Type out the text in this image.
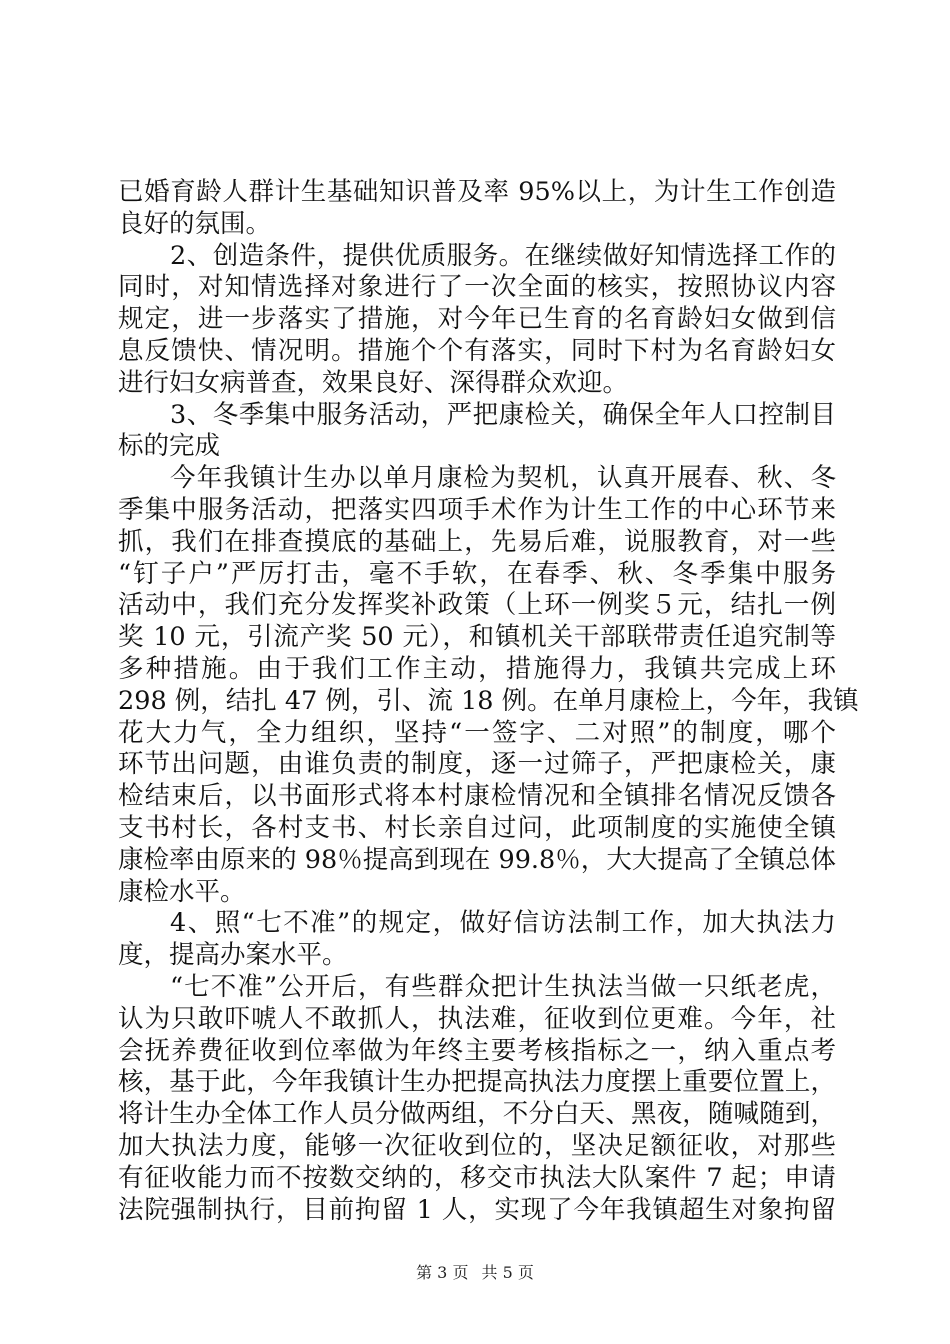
已婚育龄人群计生基础知识普及率 95%以上，为计生工作创造
良好的氛围。
2、创造条件，提供优质服务。在继续做好知情选择工作的
同时，对知情选择对象进行了一次全面的核实，按照协议内容
规定，进一步落实了措施，对今年已生育的名育龄妇女做到信
息反馈快、情况明。措施个个有落实，同时下村为名育龄妇女
进行妇女病普查，效果良好、深得群众欢迎。
3、冬季集中服务活动，严把康检关，确保全年人口控制目
标的完成
今年我镇计生办以单月康检为契机，认真开展春、秋、冬
季集中服务活动，把落实四项手术作为计生工作的中心环节来
抓，我们在排查摸底的基础上，先易后难，说服教育，对一些
“钉子户”严厉打击，毫不手软，在春季、秋、冬季集中服务
活动中，我们充分发挥奖补政策（上环一例奖５元，结扎一例
奖 10 元，引流产奖 50 元），和镇机关干部联带责任追究制等
多种措施。由于我们工作主动，措施得力，我镇共完成上环
298 例，结扎 47 例，引、流 18 例。在单月康检上，今年，我镇
花大力气，全力组织，坚持“一签字、二对照”的制度，哪个
环节出问题，由谁负责的制度，逐一过筛子，严把康检关，康
检结束后，以书面形式将本村康检情况和全镇排名情况反馈各
支书村长，各村支书、村长亲自过问，此项制度的实施使全镇
康检率由原来的 98％提高到现在 99.8％，大大提高了全镇总体
康检水平。
4、照“七不准”的规定，做好信访法制工作，加大执法力
度，提高办案水平。
“七不准”公开后，有些群众把计生执法当做一只纸老虎，
认为只敢吓唬人不敢抓人，执法难，征收到位更难。今年，社
会抚养费征收到位率做为年终主要考核指标之一，纳入重点考
核，基于此，今年我镇计生办把提高执法力度摆上重要位置上，
将计生办全体工作人员分做两组，不分白天、黑夜，随喊随到，
加大执法力度，能够一次征收到位的，坚决足额征收，对那些
有征收能力而不按数交纳的，移交市执法大队案件 7 起；申请
法院强制执行，目前拘留 1 人，实现了今年我镇超生对象拘留
第 3 页 共 5 页
